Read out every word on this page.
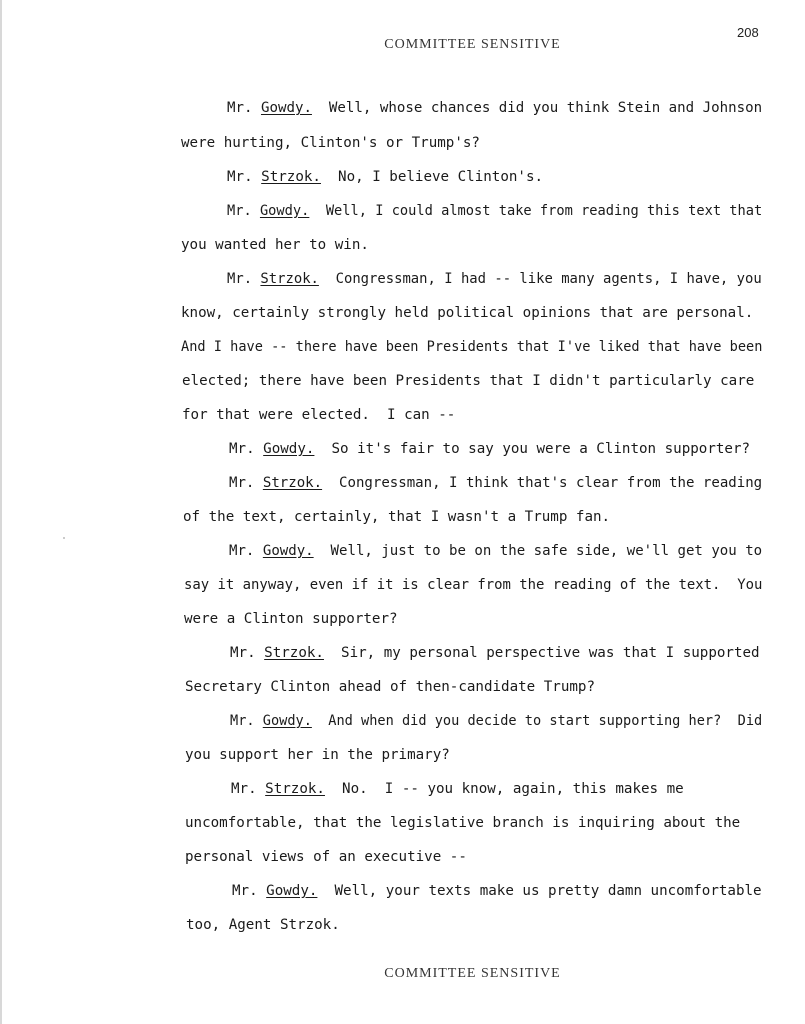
208
COMMITTEE SENSITIVE
Mr. Gowdy.  Well, whose chances did you think Stein and Johnson
were hurting, Clinton's or Trump's?
Mr. Strzok.  No, I believe Clinton's.
Mr. Gowdy.  Well, I could almost take from reading this text that
you wanted her to win.
Mr. Strzok.  Congressman, I had -- like many agents, I have, you
know, certainly strongly held political opinions that are personal.
And I have -- there have been Presidents that I've liked that have been
elected; there have been Presidents that I didn't particularly care
for that were elected.  I can --
Mr. Gowdy.  So it's fair to say you were a Clinton supporter?
Mr. Strzok.  Congressman, I think that's clear from the reading
of the text, certainly, that I wasn't a Trump fan.
Mr. Gowdy.  Well, just to be on the safe side, we'll get you to
say it anyway, even if it is clear from the reading of the text.  You
were a Clinton supporter?
Mr. Strzok.  Sir, my personal perspective was that I supported
Secretary Clinton ahead of then-candidate Trump?
Mr. Gowdy.  And when did you decide to start supporting her?  Did
you support her in the primary?
Mr. Strzok.  No.  I -- you know, again, this makes me
uncomfortable, that the legislative branch is inquiring about the
personal views of an executive --
Mr. Gowdy.  Well, your texts make us pretty damn uncomfortable
too, Agent Strzok.
COMMITTEE SENSITIVE
